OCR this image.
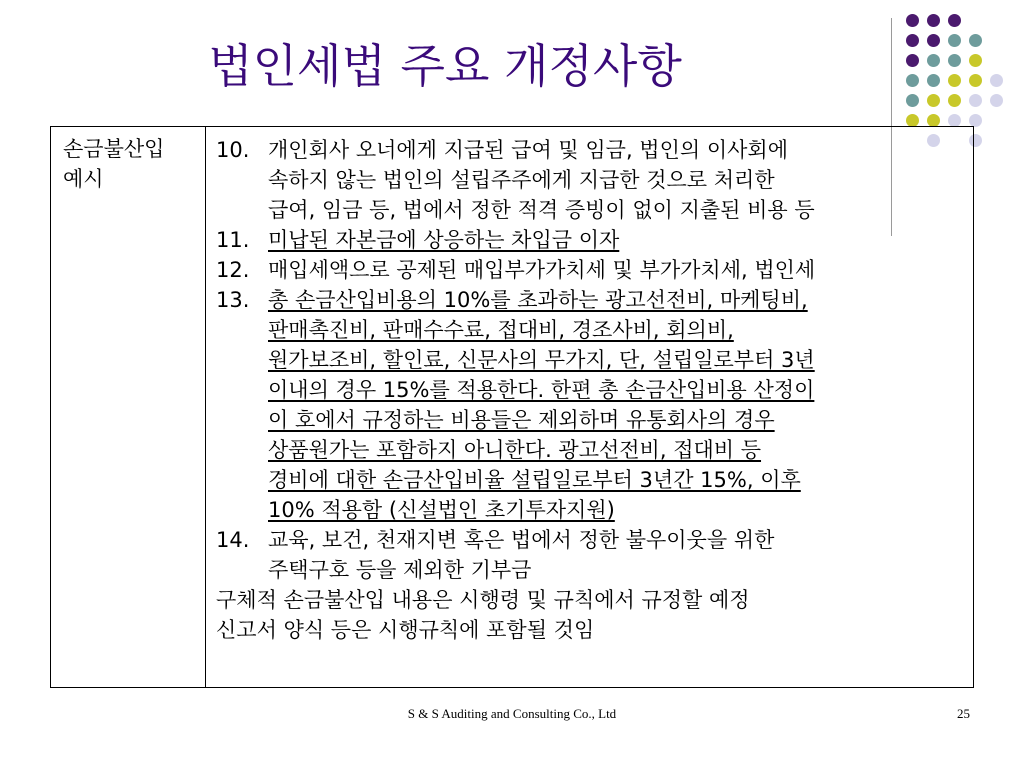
법인세법 주요 개정사항
손금불산입
예시
10. 개인회사 오너에게 지급된 급여 및 임금, 법인의 이사회에
속하지 않는 법인의 설립주주에게 지급한 것으로 처리한
급여, 임금 등, 법에서 정한 적격 증빙이 없이 지출된 비용 등
11. 미납된 자본금에 상응하는 차입금 이자
12. 매입세액으로 공제된 매입부가가치세 및 부가가치세, 법인세
13. 총 손금산입비용의 10%를 초과하는 광고선전비, 마케팅비,
판매촉진비, 판매수수료, 접대비, 경조사비, 회의비,
원가보조비, 할인료, 신문사의 무가지, 단, 설립일로부터 3년
이내의 경우 15%를 적용한다. 한편 총 손금산입비용 산정이
이 호에서 규정하는 비용들은 제외하며 유통회사의 경우
상품원가는 포함하지 아니한다. 광고선전비, 접대비 등
경비에 대한 손금산입비율 설립일로부터 3년간 15%, 이후
10% 적용함 (신설법인 초기투자지원)
14. 교육, 보건, 천재지변 혹은 법에서 정한 불우이웃을 위한
주택구호 등을 제외한 기부금
구체적 손금불산입 내용은 시행령 및 규칙에서 규정할 예정
신고서 양식 등은 시행규칙에 포함될 것임
S & S Auditing and Consulting Co., Ltd	25
